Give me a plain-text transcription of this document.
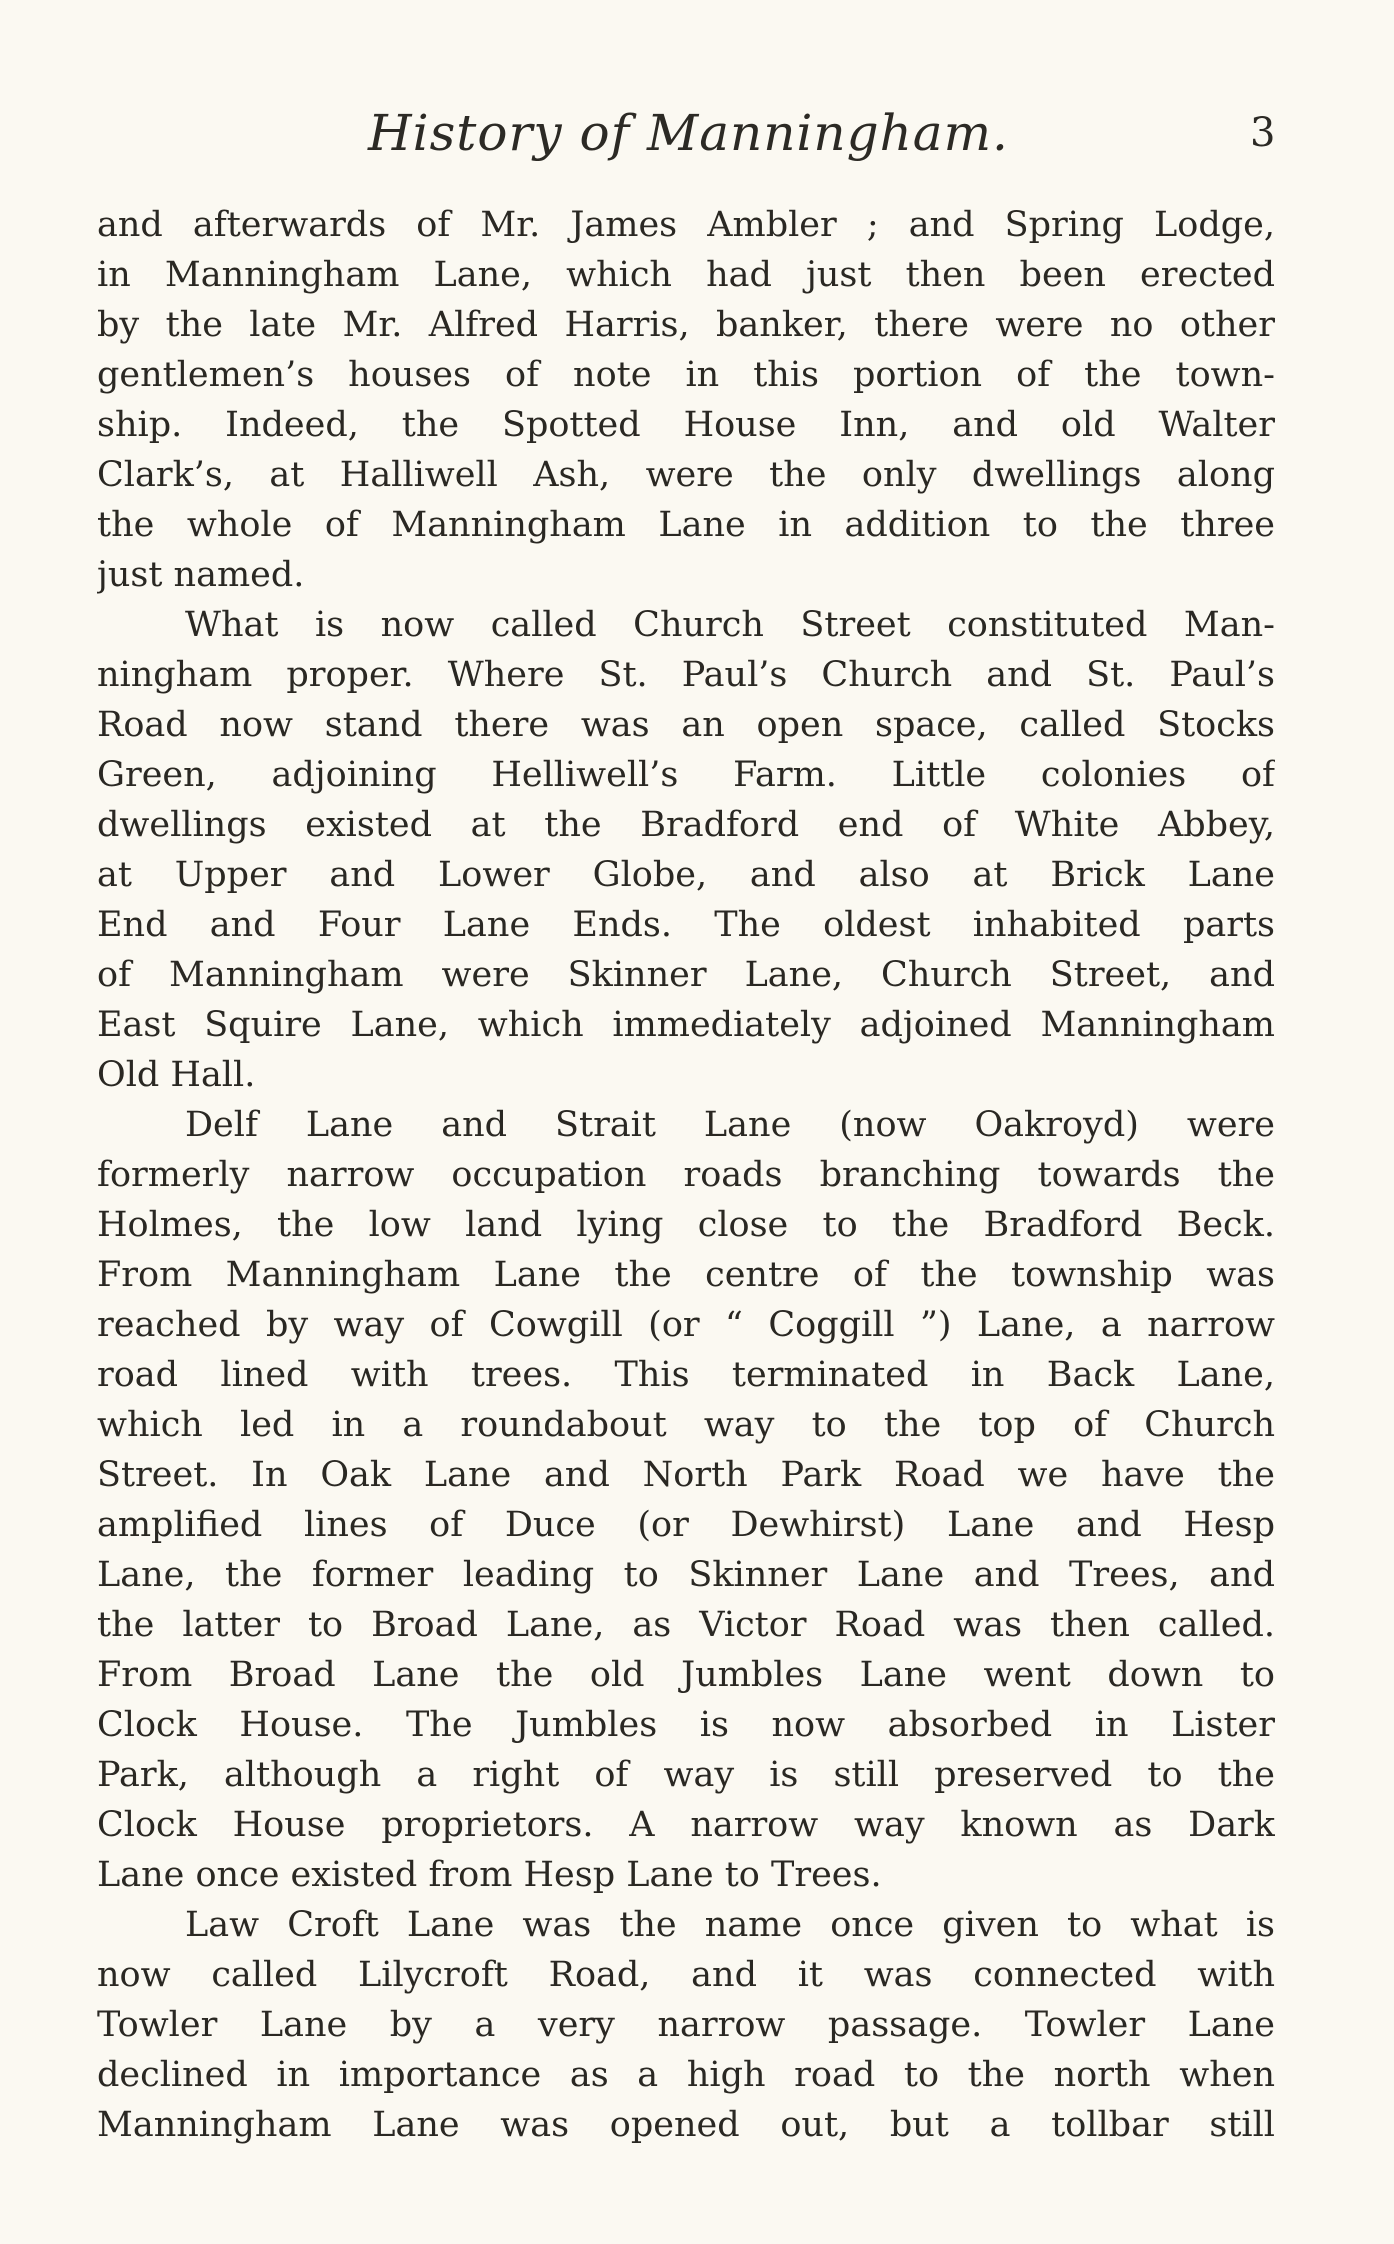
History of Manningham.	3
and afterwards of Mr. James Ambler ; and Spring Lodge,
in Manningham Lane, which had just then been erected
by the late Mr. Alfred Harris, banker, there were no other
gentlemen’s houses of note in this portion of the town-
ship. Indeed, the Spotted House Inn, and old Walter
Clark’s, at Halliwell Ash, were the only dwellings along
the whole of Manningham Lane in addition to the three
just named.
What is now called Church Street constituted Man-
ningham proper. Where St. Paul’s Church and St. Paul’s
Road now stand there was an open space, called Stocks
Green, adjoining Helliwell’s Farm. Little colonies of
dwellings existed at the Bradford end of White Abbey,
at Upper and Lower Globe, and also at Brick Lane
End and Four Lane Ends. The oldest inhabited parts
of Manningham were Skinner Lane, Church Street, and
East Squire Lane, which immediately adjoined Manningham
Old Hall.
Delf Lane and Strait Lane (now Oakroyd) were
formerly narrow occupation roads branching towards the
Holmes, the low land lying close to the Bradford Beck.
From Manningham Lane the centre of the township was
reached by way of Cowgill (or “ Coggill ”) Lane, a narrow
road lined with trees. This terminated in Back Lane,
which led in a roundabout way to the top of Church
Street. In Oak Lane and North Park Road we have the
amplified lines of Duce (or Dewhirst) Lane and Hesp
Lane, the former leading to Skinner Lane and Trees, and
the latter to Broad Lane, as Victor Road was then called.
From Broad Lane the old Jumbles Lane went down to
Clock House. The Jumbles is now absorbed in Lister
Park, although a right of way is still preserved to the
Clock House proprietors. A narrow way known as Dark
Lane once existed from Hesp Lane to Trees.
Law Croft Lane was the name once given to what is
now called Lilycroft Road, and it was connected with
Towler Lane by a very narrow passage. Towler Lane
declined in importance as a high road to the north when
Manningham Lane was opened out, but a tollbar still
